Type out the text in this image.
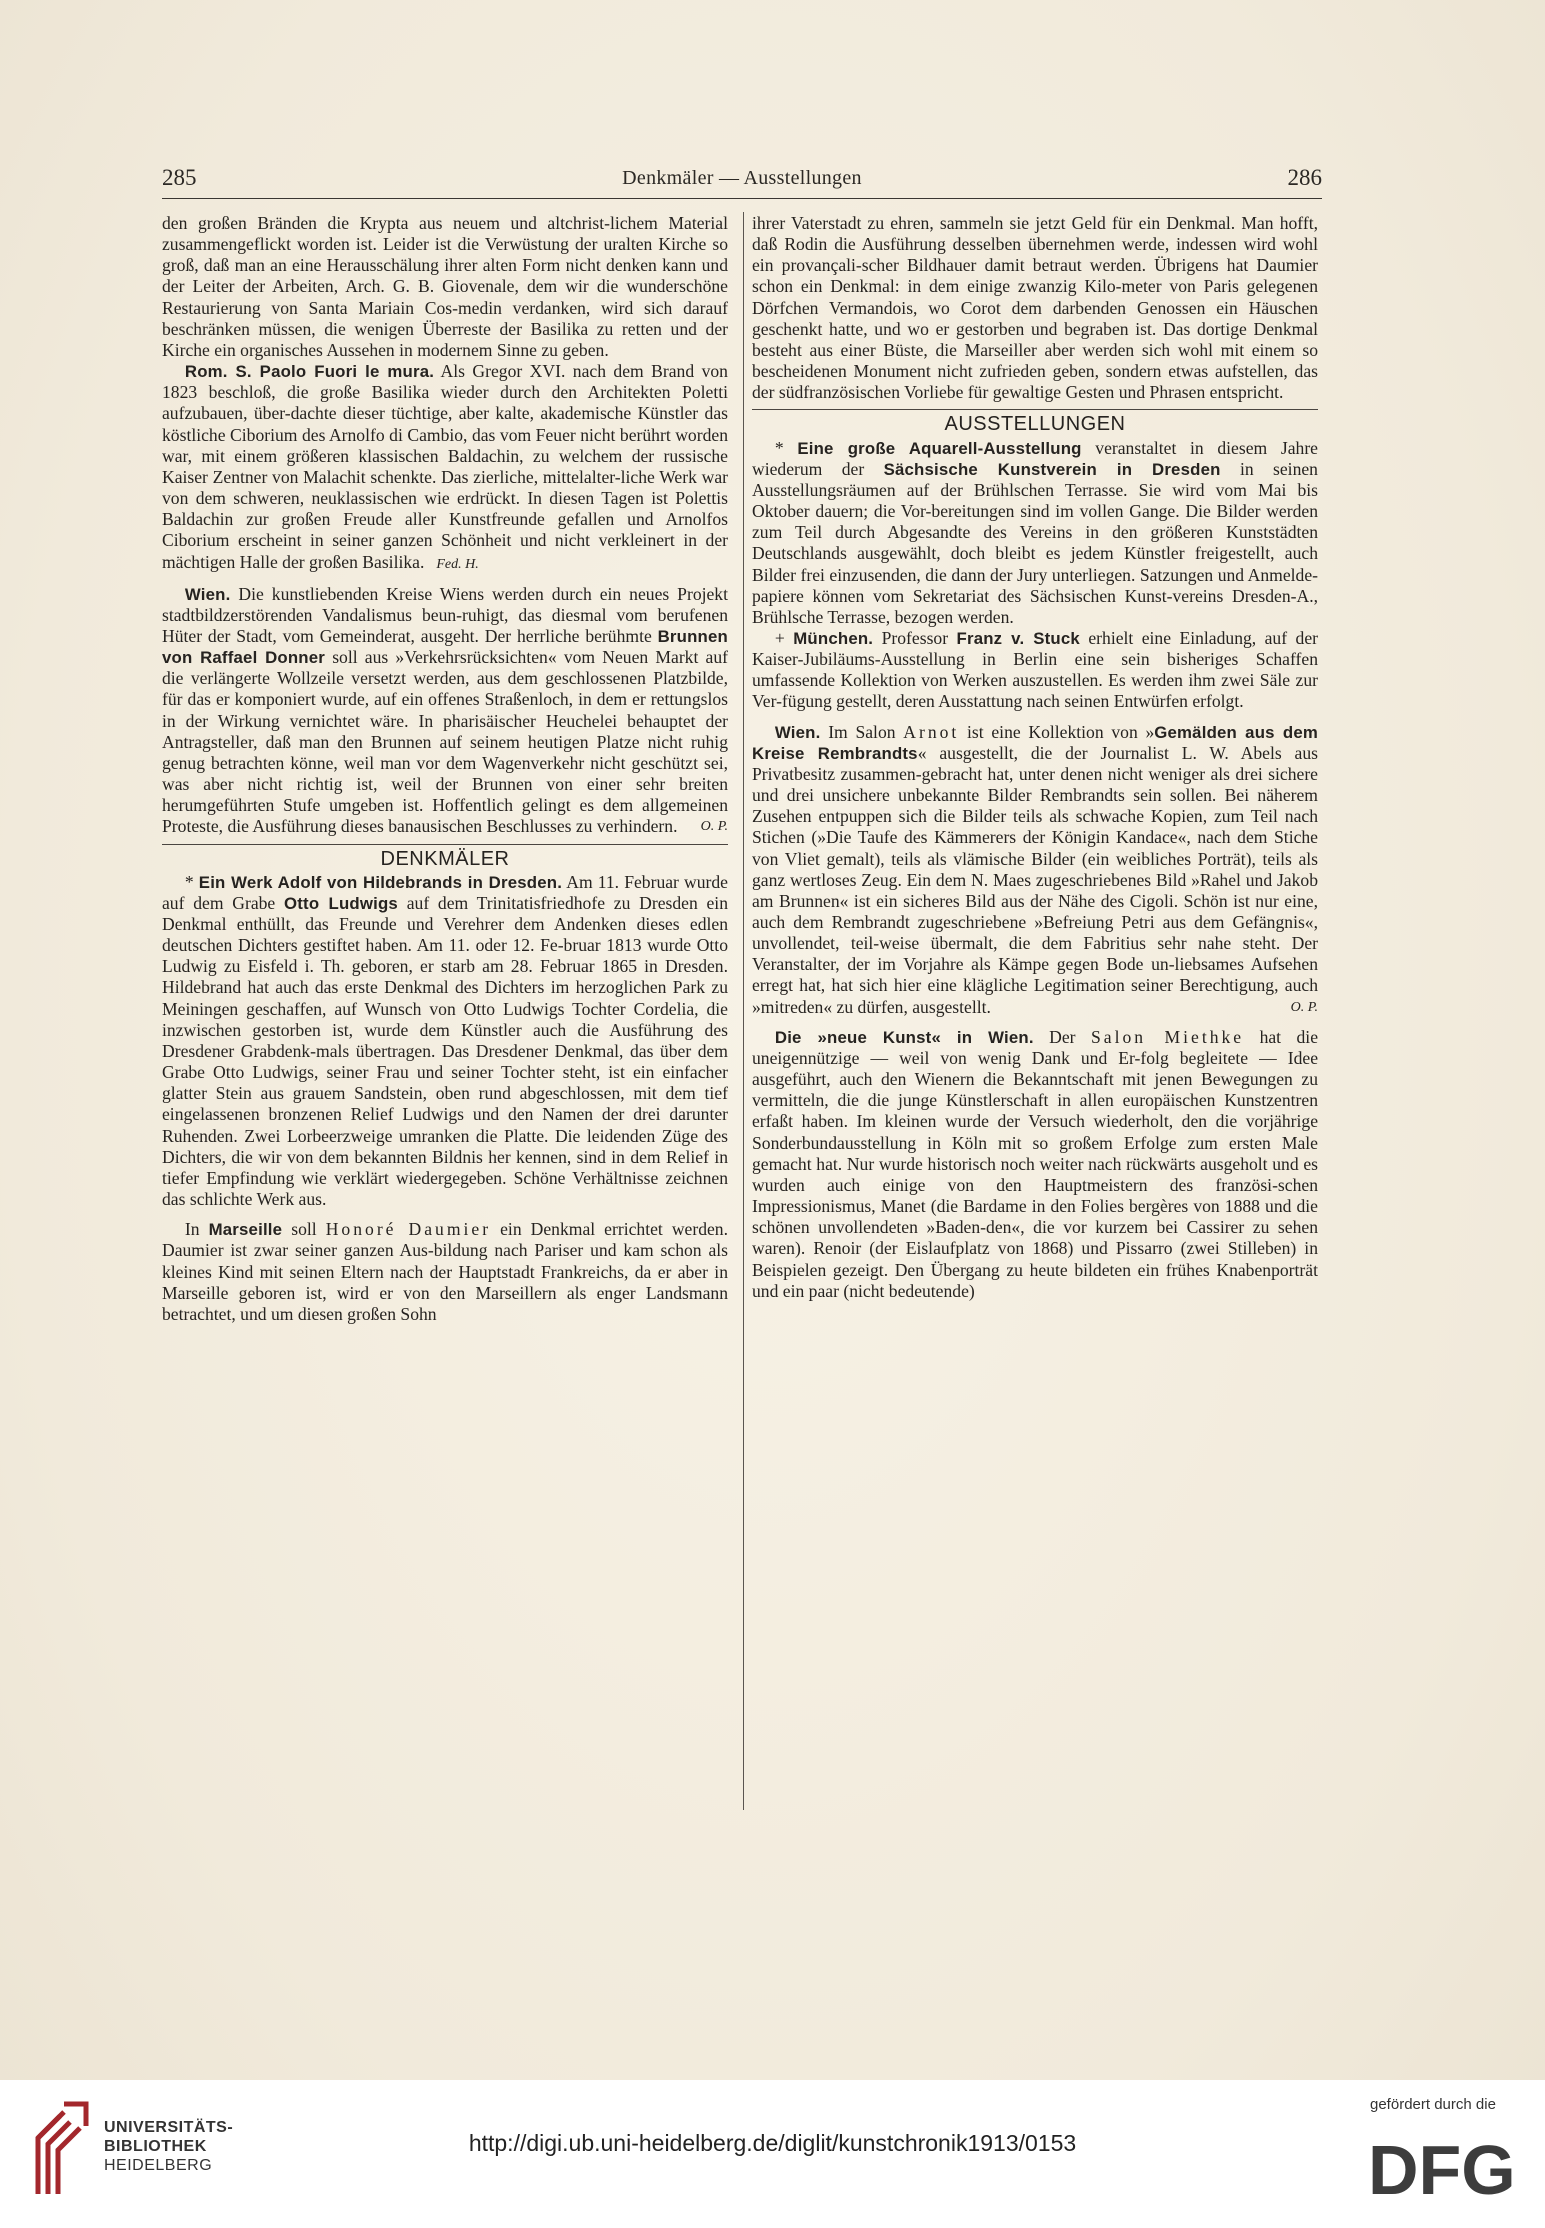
285	Denkmäler — Ausstellungen	286

den großen Bränden die Krypta aus neuem und altchrist-lichem Material zusammengeflickt worden ist. Leider ist die Verwüstung der uralten Kirche so groß, daß man an eine Herausschälung ihrer alten Form nicht denken kann und der Leiter der Arbeiten, Arch. G. B. Giovenale, dem wir die wunderschöne Restaurierung von Santa Mariain Cos-medin verdanken, wird sich darauf beschränken müssen, die wenigen Überreste der Basilika zu retten und der Kirche ein organisches Aussehen in modernem Sinne zu geben.

Rom. S. Paolo Fuori le mura. Als Gregor XVI. nach dem Brand von 1823 beschloß, die große Basilika wieder durch den Architekten Poletti aufzubauen, über-dachte dieser tüchtige, aber kalte, akademische Künstler das köstliche Ciborium des Arnolfo di Cambio, das vom Feuer nicht berührt worden war, mit einem größeren klassischen Baldachin, zu welchem der russische Kaiser Zentner von Malachit schenkte. Das zierliche, mittelalter-liche Werk war von dem schweren, neuklassischen wie erdrückt. In diesen Tagen ist Polettis Baldachin zur großen Freude aller Kunstfreunde gefallen und Arnolfos Ciborium erscheint in seiner ganzen Schönheit und nicht verkleinert in der mächtigen Halle der großen Basilika. Fed. H.

Wien. Die kunstliebenden Kreise Wiens werden durch ein neues Projekt stadtbildzerstörenden Vandalismus beun-ruhigt, das diesmal vom berufenen Hüter der Stadt, vom Gemeinderat, ausgeht. Der herrliche berühmte Brunnen von Raffael Donner soll aus »Verkehrsrücksichten« vom Neuen Markt auf die verlängerte Wollzeile versetzt werden, aus dem geschlossenen Platzbilde, für das er komponiert wurde, auf ein offenes Straßenloch, in dem er rettungslos in der Wirkung vernichtet wäre. In pharisäischer Heuchelei behauptet der Antragsteller, daß man den Brunnen auf seinem heutigen Platze nicht ruhig genug betrachten könne, weil man vor dem Wagenverkehr nicht geschützt sei, was aber nicht richtig ist, weil der Brunnen von einer sehr breiten herumgeführten Stufe umgeben ist. Hoffentlich gelingt es dem allgemeinen Proteste, die Ausführung dieses banausischen Beschlusses zu verhindern.	O. P.

DENKMÄLER

* Ein Werk Adolf von Hildebrands in Dresden. Am 11. Februar wurde auf dem Grabe Otto Ludwigs auf dem Trinitatisfriedhofe zu Dresden ein Denkmal enthüllt, das Freunde und Verehrer dem Andenken dieses edlen deutschen Dichters gestiftet haben. Am 11. oder 12. Fe-bruar 1813 wurde Otto Ludwig zu Eisfeld i. Th. geboren, er starb am 28. Februar 1865 in Dresden. Hildebrand hat auch das erste Denkmal des Dichters im herzoglichen Park zu Meiningen geschaffen, auf Wunsch von Otto Ludwigs Tochter Cordelia, die inzwischen gestorben ist, wurde dem Künstler auch die Ausführung des Dresdener Grabdenk-mals übertragen. Das Dresdener Denkmal, das über dem Grabe Otto Ludwigs, seiner Frau und seiner Tochter steht, ist ein einfacher glatter Stein aus grauem Sandstein, oben rund abgeschlossen, mit dem tief eingelassenen bronzenen Relief Ludwigs und den Namen der drei darunter Ruhenden. Zwei Lorbeerzweige umranken die Platte. Die leidenden Züge des Dichters, die wir von dem bekannten Bildnis her kennen, sind in dem Relief in tiefer Empfindung wie verklärt wiedergegeben. Schöne Verhältnisse zeichnen das schlichte Werk aus.

In Marseille soll Honoré Daumier ein Denkmal errichtet werden. Daumier ist zwar seiner ganzen Aus-bildung nach Pariser und kam schon als kleines Kind mit seinen Eltern nach der Hauptstadt Frankreichs, da er aber in Marseille geboren ist, wird er von den Marseillern als enger Landsmann betrachtet, und um diesen großen Sohn

ihrer Vaterstadt zu ehren, sammeln sie jetzt Geld für ein Denkmal. Man hofft, daß Rodin die Ausführung desselben übernehmen werde, indessen wird wohl ein provançali-scher Bildhauer damit betraut werden. Übrigens hat Daumier schon ein Denkmal: in dem einige zwanzig Kilo-meter von Paris gelegenen Dörfchen Vermandois, wo Corot dem darbenden Genossen ein Häuschen geschenkt hatte, und wo er gestorben und begraben ist. Das dortige Denkmal besteht aus einer Büste, die Marseiller aber werden sich wohl mit einem so bescheidenen Monument nicht zufrieden geben, sondern etwas aufstellen, das der südfranzösischen Vorliebe für gewaltige Gesten und Phrasen entspricht.

AUSSTELLUNGEN

* Eine große Aquarell-Ausstellung veranstaltet in diesem Jahre wiederum der Sächsische Kunstverein in Dresden in seinen Ausstellungsräumen auf der Brühlschen Terrasse. Sie wird vom Mai bis Oktober dauern; die Vor-bereitungen sind im vollen Gange. Die Bilder werden zum Teil durch Abgesandte des Vereins in den größeren Kunststädten Deutschlands ausgewählt, doch bleibt es jedem Künstler freigestellt, auch Bilder frei einzusenden, die dann der Jury unterliegen. Satzungen und Anmelde-papiere können vom Sekretariat des Sächsischen Kunst-vereins Dresden-A., Brühlsche Terrasse, bezogen werden.

+ München. Professor Franz v. Stuck erhielt eine Einladung, auf der Kaiser-Jubiläums-Ausstellung in Berlin eine sein bisheriges Schaffen umfassende Kollektion von Werken auszustellen. Es werden ihm zwei Säle zur Ver-fügung gestellt, deren Ausstattung nach seinen Entwürfen erfolgt.

Wien. Im Salon Arnot ist eine Kollektion von »Gemälden aus dem Kreise Rembrandts« ausgestellt, die der Journalist L. W. Abels aus Privatbesitz zusammen-gebracht hat, unter denen nicht weniger als drei sichere und drei unsichere unbekannte Bilder Rembrandts sein sollen. Bei näherem Zusehen entpuppen sich die Bilder teils als schwache Kopien, zum Teil nach Stichen (»Die Taufe des Kämmerers der Königin Kandace«, nach dem Stiche von Vliet gemalt), teils als vlämische Bilder (ein weibliches Porträt), teils als ganz wertloses Zeug. Ein dem N. Maes zugeschriebenes Bild »Rahel und Jakob am Brunnen« ist ein sicheres Bild aus der Nähe des Cigoli. Schön ist nur eine, auch dem Rembrandt zugeschriebene »Befreiung Petri aus dem Gefängnis«, unvollendet, teil-weise übermalt, die dem Fabritius sehr nahe steht. Der Veranstalter, der im Vorjahre als Kämpe gegen Bode un-liebsames Aufsehen erregt hat, hat sich hier eine klägliche Legitimation seiner Berechtigung, auch »mitreden« zu dürfen, ausgestellt.	O. P.

Die »neue Kunst« in Wien. Der Salon Miethke hat die uneigennützige — weil von wenig Dank und Er-folg begleitete — Idee ausgeführt, auch den Wienern die Bekanntschaft mit jenen Bewegungen zu vermitteln, die die junge Künstlerschaft in allen europäischen Kunstzentren erfaßt haben. Im kleinen wurde der Versuch wiederholt, den die vorjährige Sonderbundausstellung in Köln mit so großem Erfolge zum ersten Male gemacht hat. Nur wurde historisch noch weiter nach rückwärts ausgeholt und es wurden auch einige von den Hauptmeistern des französi-schen Impressionismus, Manet (die Bardame in den Folies bergères von 1888 und die schönen unvollendeten »Baden-den«, die vor kurzem bei Cassirer zu sehen waren). Renoir (der Eislaufplatz von 1868) und Pissarro (zwei Stilleben) in Beispielen gezeigt. Den Übergang zu heute bildeten ein frühes Knabenporträt und ein paar (nicht bedeutende)

UNIVERSITÄTS-
BIBLIOTHEK
HEIDELBERG
http://digi.ub.uni-heidelberg.de/diglit/kunstchronik1913/0153
gefördert durch die
DFG
